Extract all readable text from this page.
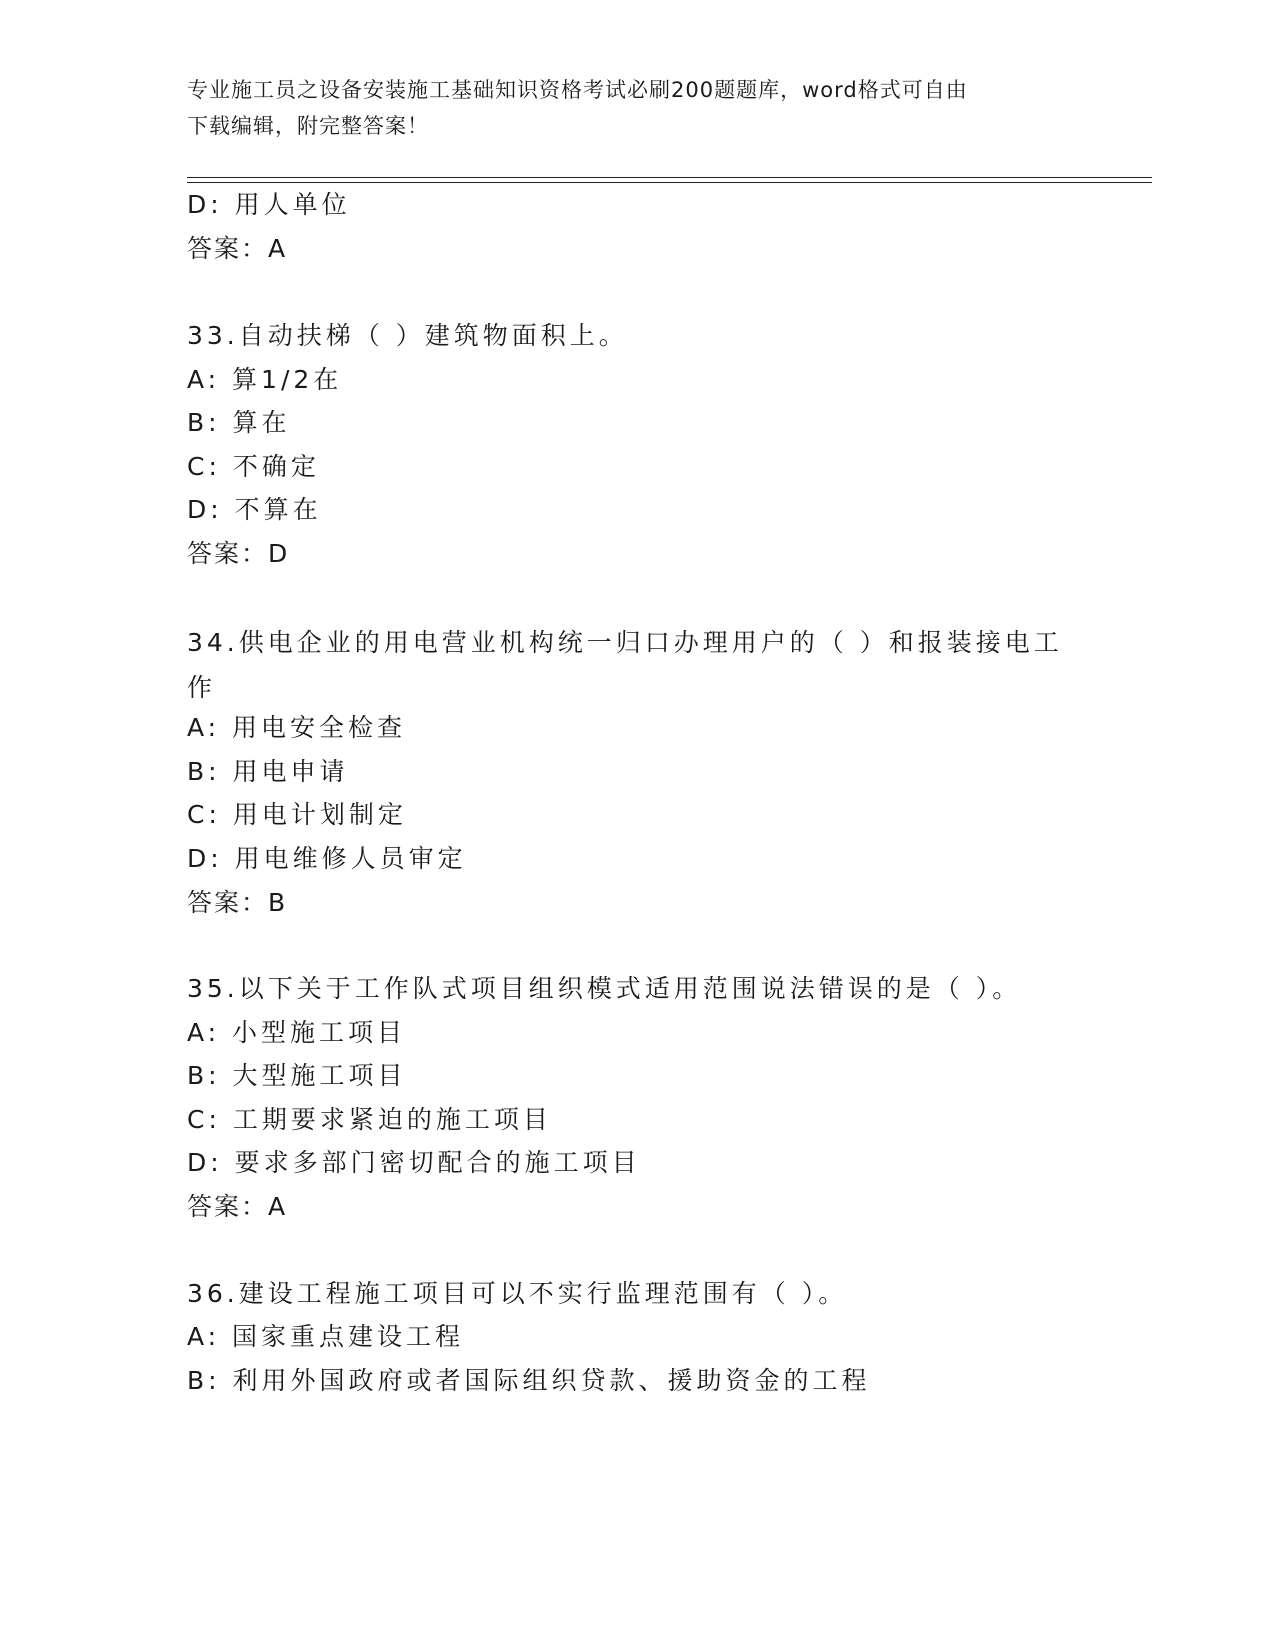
专业施工员之设备安装施工基础知识资格考试必刷200题题库，word格式可自由
下载编辑，附完整答案！
D: 用人单位
答案：A
33.自动扶梯（ ）建筑物面积上。
A: 算1/2在
B: 算在
C: 不确定
D: 不算在
答案：D
34.供电企业的用电营业机构统一归口办理用户的（ ）和报装接电工作
A: 用电安全检查
B: 用电申请
C: 用电计划制定
D: 用电维修人员审定
答案：B
35.以下关于工作队式项目组织模式适用范围说法错误的是（ ）。
A: 小型施工项目
B: 大型施工项目
C: 工期要求紧迫的施工项目
D: 要求多部门密切配合的施工项目
答案：A
36.建设工程施工项目可以不实行监理范围有（ ）。
A: 国家重点建设工程
B: 利用外国政府或者国际组织贷款、援助资金的工程
